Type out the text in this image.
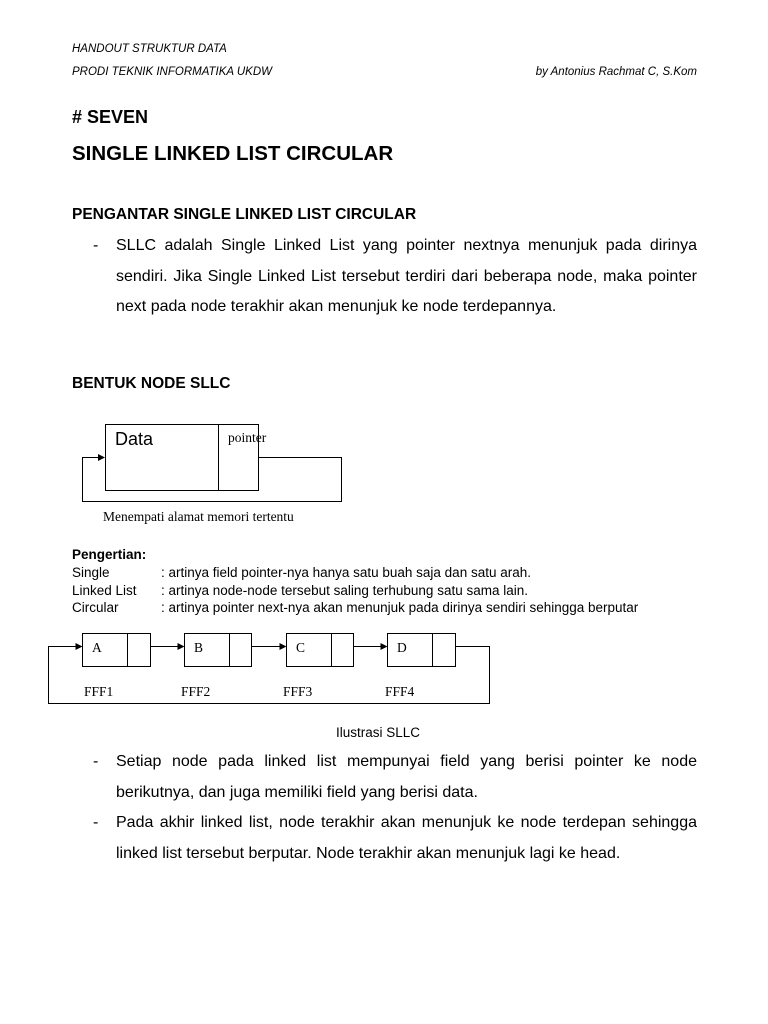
HANDOUT STRUKTUR DATA
PRODI TEKNIK INFORMATIKA UKDW	by Antonius Rachmat C, S.Kom
# SEVEN
SINGLE LINKED LIST CIRCULAR
PENGANTAR SINGLE LINKED LIST CIRCULAR
- SLLC adalah Single Linked List yang pointer nextnya menunjuk pada dirinya sendiri. Jika Single Linked List tersebut terdiri dari beberapa node, maka pointer next pada node terakhir akan menunjuk ke node terdepannya.
BENTUK NODE SLLC
Data	pointer
Menempati alamat memori tertentu
Pengertian:
Single	: artinya field pointer-nya hanya satu buah saja dan satu arah.
Linked List : artinya node-node tersebut saling terhubung satu sama lain.
Circular	: artinya pointer next-nya akan menunjuk pada dirinya sendiri sehingga berputar
A	B	C	D
FFF1	FFF2	FFF3	FFF4
Ilustrasi SLLC
- Setiap node pada linked list mempunyai field yang berisi pointer ke node berikutnya, dan juga memiliki field yang berisi data.
- Pada akhir linked list, node terakhir akan menunjuk ke node terdepan sehingga linked list tersebut berputar. Node terakhir akan menunjuk lagi ke head.
